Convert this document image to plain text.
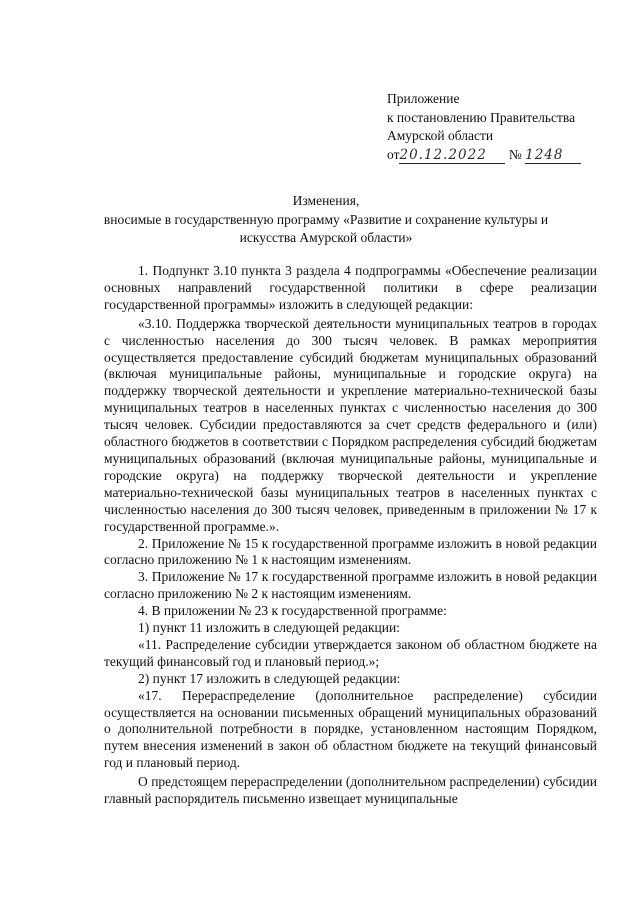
Приложение
к постановлению Правительства
Амурской области
от20.12.2022 № 1248
Изменения,
вносимые в государственную программу «Развитие и сохранение культуры и
искусства Амурской области»

1. Подпункт 3.10 пункта 3 раздела 4 подпрограммы «Обеспечение реализации основных направлений государственной политики в сфере реализации государственной программы» изложить в следующей редакции:

«3.10. Поддержка творческой деятельности муниципальных театров в городах с численностью населения до 300 тысяч человек. В рамках мероприятия осуществляется предоставление субсидий бюджетам муниципальных образований (включая муниципальные районы, муниципальные и городские округа) на поддержку творческой деятельности и укрепление материально-технической базы муниципальных театров в населенных пунктах с численностью населения до 300 тысяч человек. Субсидии предоставляются за счет средств федерального и (или) областного бюджетов в соответствии с Порядком распределения субсидий бюджетам муниципальных образований (включая муниципальные районы, муниципальные и городские округа) на поддержку творческой деятельности и укрепление материально-технической базы муниципальных театров в населенных пунктах с численностью населения до 300 тысяч человек, приведенным в приложении № 17 к государственной программе.».

2. Приложение № 15 к государственной программе изложить в новой редакции согласно приложению № 1 к настоящим изменениям.

3. Приложение № 17 к государственной программе изложить в новой редакции согласно приложению № 2 к настоящим изменениям.

4. В приложении № 23 к государственной программе:

1) пункт 11 изложить в следующей редакции:

«11. Распределение субсидии утверждается законом об областном бюджете на текущий финансовый год и плановый период.»;

2) пункт 17 изложить в следующей редакции:

«17. Перераспределение (дополнительное распределение) субсидии осуществляется на основании письменных обращений муниципальных образований о дополнительной потребности в порядке, установленном настоящим Порядком, путем внесения изменений в закон об областном бюджете на текущий финансовый год и плановый период.

О предстоящем перераспределении (дополнительном распределении) субсидии главный распорядитель письменно извещает муниципальные
